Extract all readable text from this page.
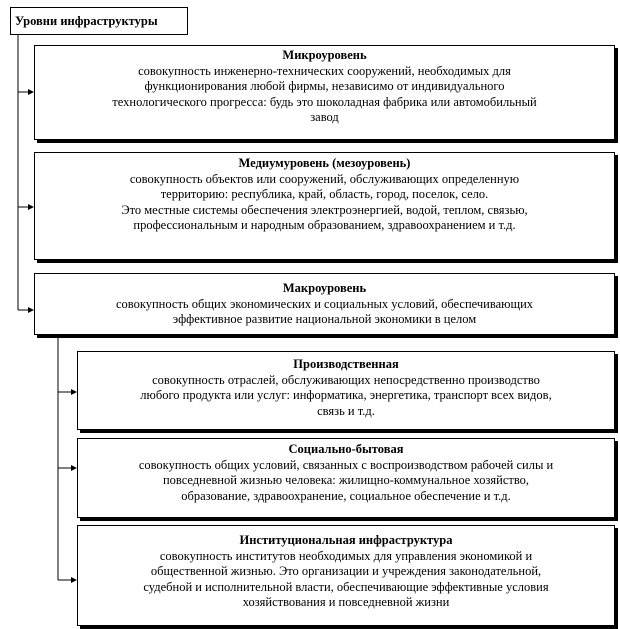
Уровни инфраструктуры
Микроуровень
совокупность инженерно-технических сооружений, необходимых для
функционирования любой фирмы, независимо от индивидуального
технологического прогресса: будь это шоколадная фабрика или автомобильный
завод
Медиумуровень (мезоуровень)
совокупность объектов или сооружений, обслуживающих определенную
территорию: республика, край, область, город, поселок, село.
Это местные системы обеспечения электроэнергией, водой, теплом, связью,
профессиональным и народным образованием, здравоохранением и т.д.
Макроуровень
совокупность общих экономических и социальных условий, обеспечивающих
эффективное развитие национальной экономики в целом
Производственная
совокупность отраслей, обслуживающих непосредственно производство
любого продукта или услуг: информатика, энергетика, транспорт всех видов,
связь и т.д.
Социально-бытовая
совокупность общих условий, связанных с воспроизводством рабочей силы и
повседневной жизнью человека: жилищно-коммунальное хозяйство,
образование, здравоохранение, социальное обеспечение и т.д.
Институциональная инфраструктура
совокупность институтов необходимых для управления экономикой и
общественной жизнью. Это организации и учреждения законодательной,
судебной и исполнительной власти, обеспечивающие эффективные условия
хозяйствования и повседневной жизни
